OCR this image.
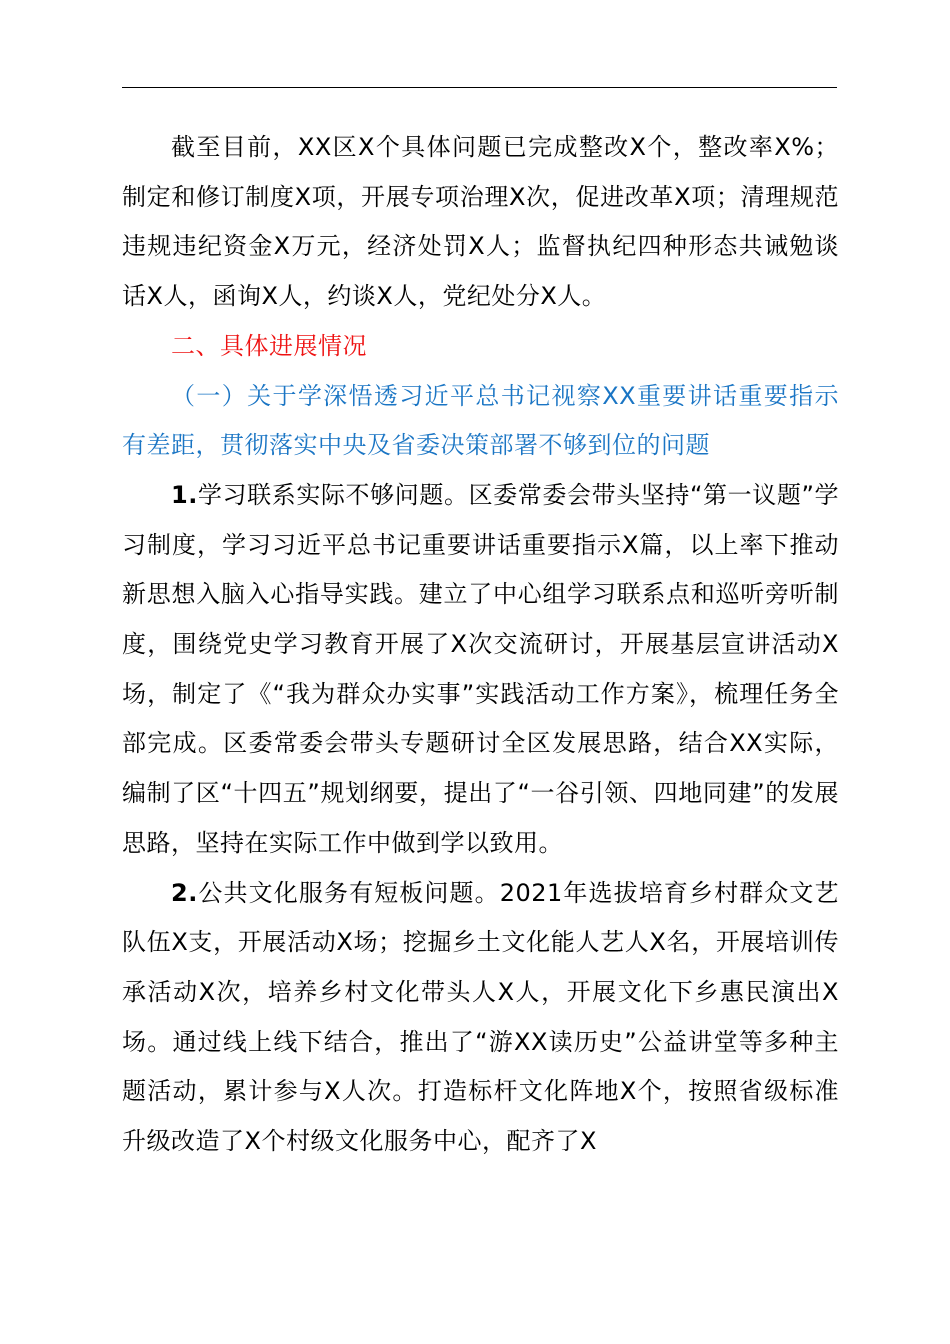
截至目前，XX区X个具体问题已完成整改X个，整改率X%；制定和修订制度X项，开展专项治理X次，促进改革X项；清理规范违规违纪资金X万元，经济处罚X人；监督执纪四种形态共诫勉谈话X人，函询X人，约谈X人，党纪处分X人。

二、具体进展情况

（一）关于学深悟透习近平总书记视察XX重要讲话重要指示有差距，贯彻落实中央及省委决策部署不够到位的问题

1.学习联系实际不够问题。区委常委会带头坚持“第一议题”学习制度，学习习近平总书记重要讲话重要指示X篇，以上率下推动新思想入脑入心指导实践。建立了中心组学习联系点和巡听旁听制度，围绕党史学习教育开展了X次交流研讨，开展基层宣讲活动X场，制定了《“我为群众办实事”实践活动工作方案》，梳理任务全部完成。区委常委会带头专题研讨全区发展思路，结合XX实际，编制了区“十四五”规划纲要，提出了“一谷引领、四地同建”的发展思路，坚持在实际工作中做到学以致用。

2.公共文化服务有短板问题。2021年选拔培育乡村群众文艺队伍X支，开展活动X场；挖掘乡土文化能人艺人X名，开展培训传承活动X次，培养乡村文化带头人X人，开展文化下乡惠民演出X场。通过线上线下结合，推出了“游XX读历史”公益讲堂等多种主题活动，累计参与X人次。打造标杆文化阵地X个，按照省级标准升级改造了X个村级文化服务中心，配齐了X
